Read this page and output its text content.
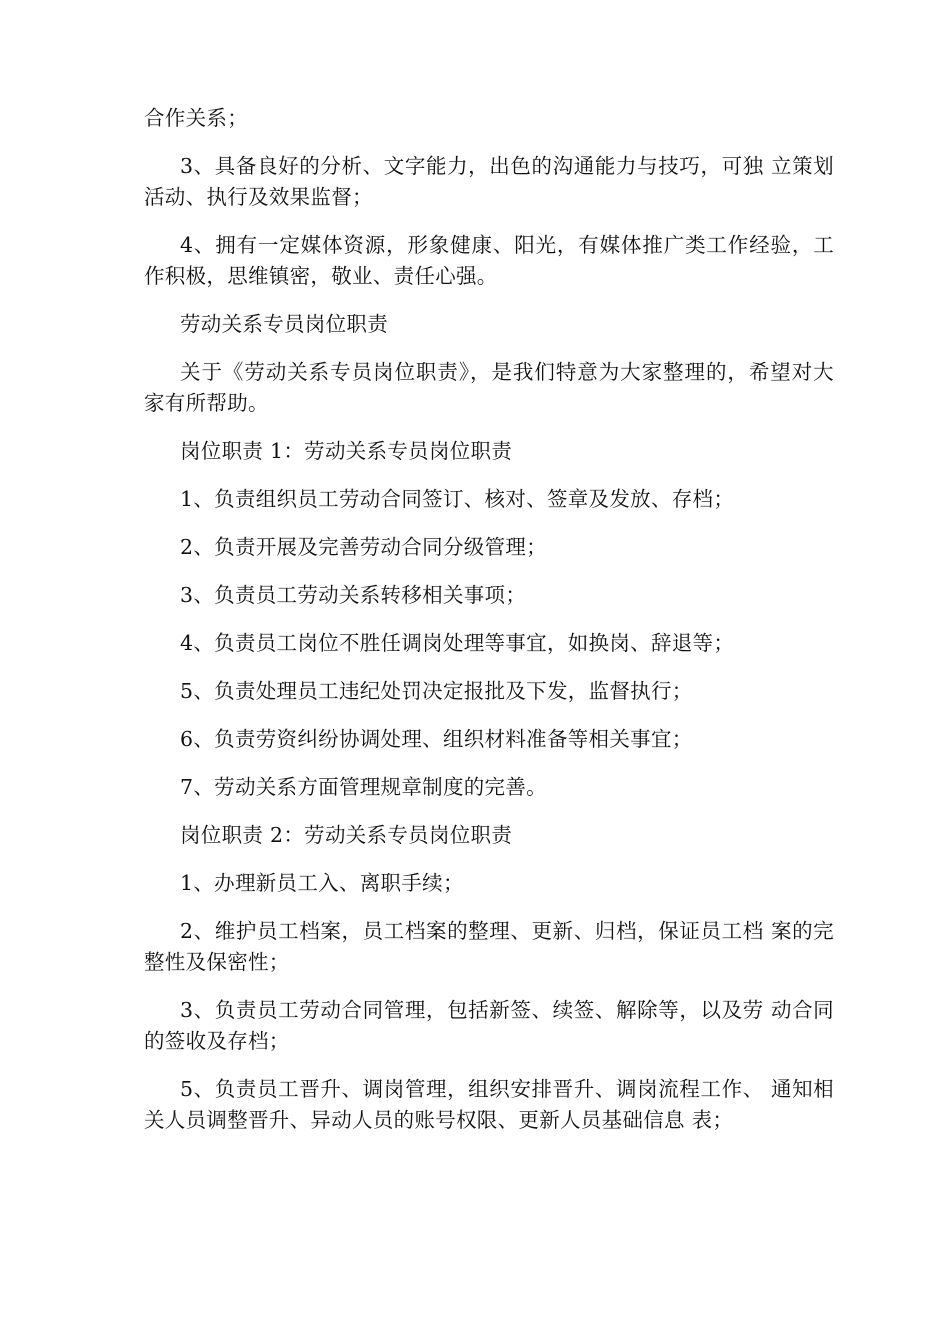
合作关系；

3、具备良好的分析、文字能力，出色的沟通能力与技巧，可独 立策划活动、执行及效果监督；

4、拥有一定媒体资源，形象健康、阳光，有媒体推广类工作经验，工作积极，思维镇密，敬业、责任心强。

劳动关系专员岗位职责

关于《劳动关系专员岗位职责》，是我们特意为大家整理的，希望对大家有所帮助。

岗位职责 1：劳动关系专员岗位职责

1、负责组织员工劳动合同签订、核对、签章及发放、存档；

2、负责开展及完善劳动合同分级管理；

3、负责员工劳动关系转移相关事项；

4、负责员工岗位不胜任调岗处理等事宜，如换岗、辞退等；

5、负责处理员工违纪处罚决定报批及下发，监督执行；

6、负责劳资纠纷协调处理、组织材料准备等相关事宜；

7、劳动关系方面管理规章制度的完善。

岗位职责 2：劳动关系专员岗位职责

1、办理新员工入、离职手续；

2、维护员工档案，员工档案的整理、更新、归档，保证员工档 案的完整性及保密性；

3、负责员工劳动合同管理，包括新签、续签、解除等，以及劳 动合同的签收及存档；

5、负责员工晋升、调岗管理，组织安排晋升、调岗流程工作、 通知相关人员调整晋升、异动人员的账号权限、更新人员基础信息 表；
